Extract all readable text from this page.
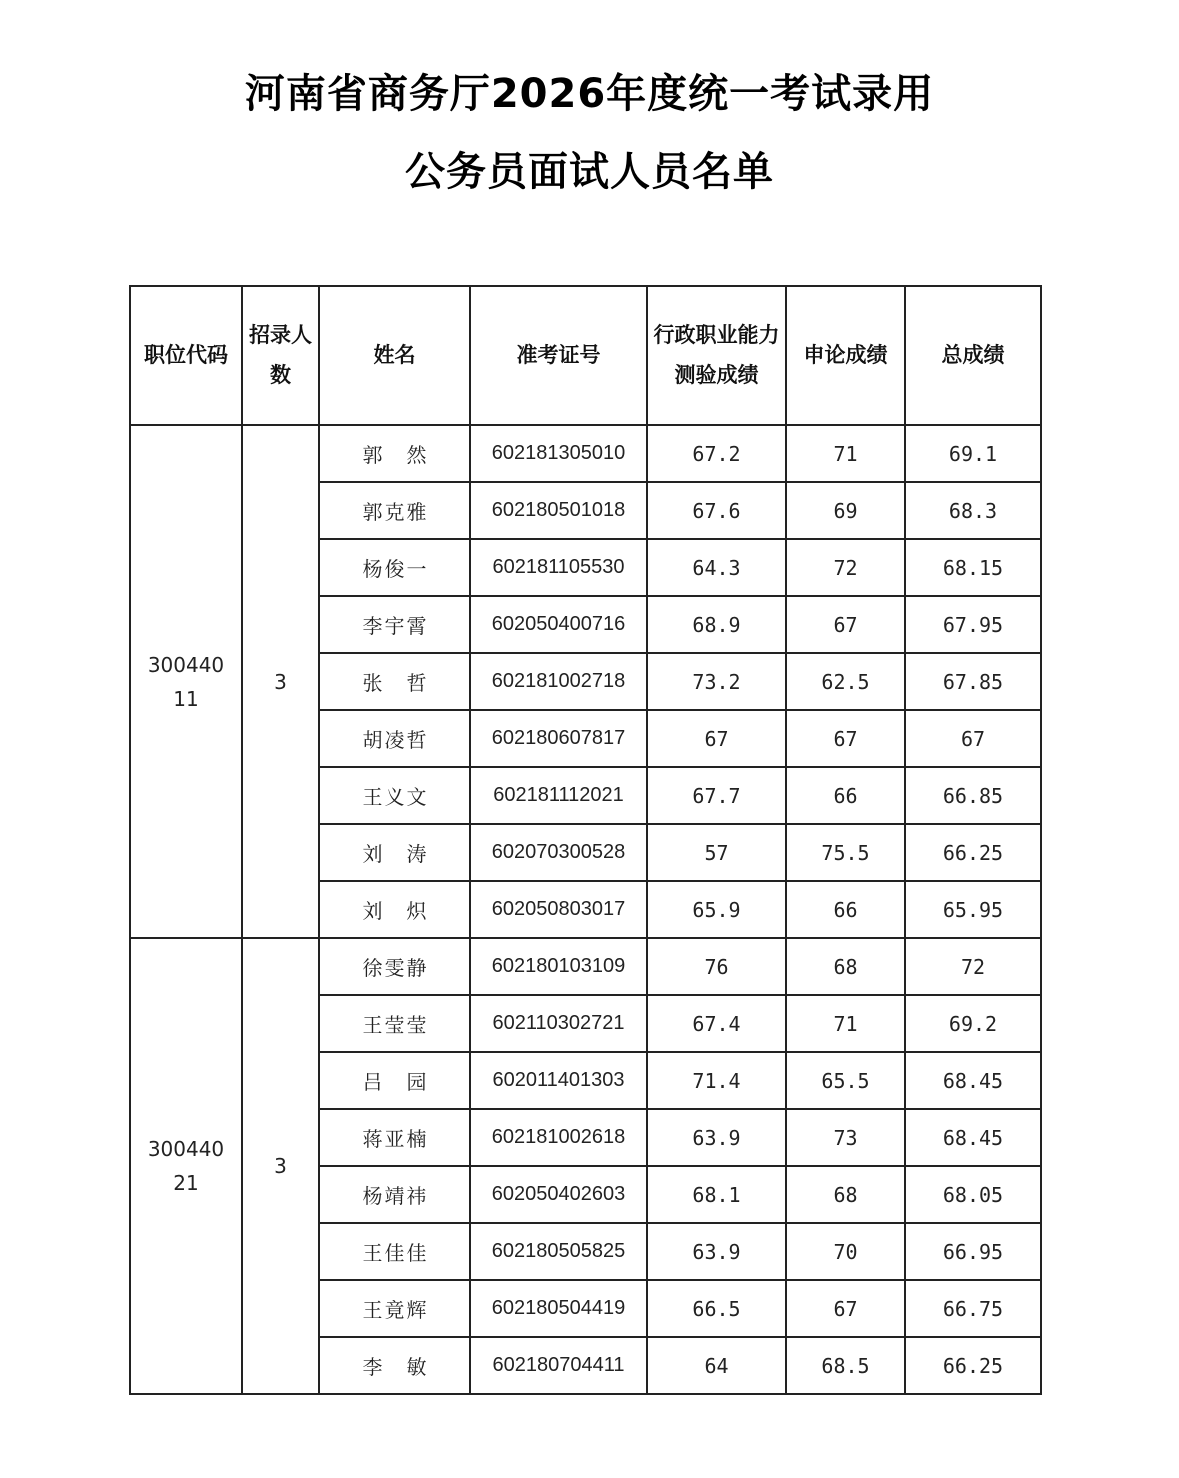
河南省商务厅2026年度统一考试录用
公务员面试人员名单
职位代码	招录人数	姓名	准考证号	行政职业能力测验成绩	申论成绩	总成绩
30044011	3	郭 然	602181305010	67.2	71	69.1
		郭克雅	602180501018	67.6	69	68.3
		杨俊一	602181105530	64.3	72	68.15
		李宇霄	602050400716	68.9	67	67.95
		张 哲	602181002718	73.2	62.5	67.85
		胡凌哲	602180607817	67	67	67
		王义文	602181112021	67.7	66	66.85
		刘 涛	602070300528	57	75.5	66.25
		刘 炽	602050803017	65.9	66	65.95
30044021	3	徐雯静	602180103109	76	68	72
		王莹莹	602110302721	67.4	71	69.2
		吕 园	602011401303	71.4	65.5	68.45
		蒋亚楠	602181002618	63.9	73	68.45
		杨靖祎	602050402603	68.1	68	68.05
		王佳佳	602180505825	63.9	70	66.95
		王竟辉	602180504419	66.5	67	66.75
		李 敏	602180704411	64	68.5	66.25
